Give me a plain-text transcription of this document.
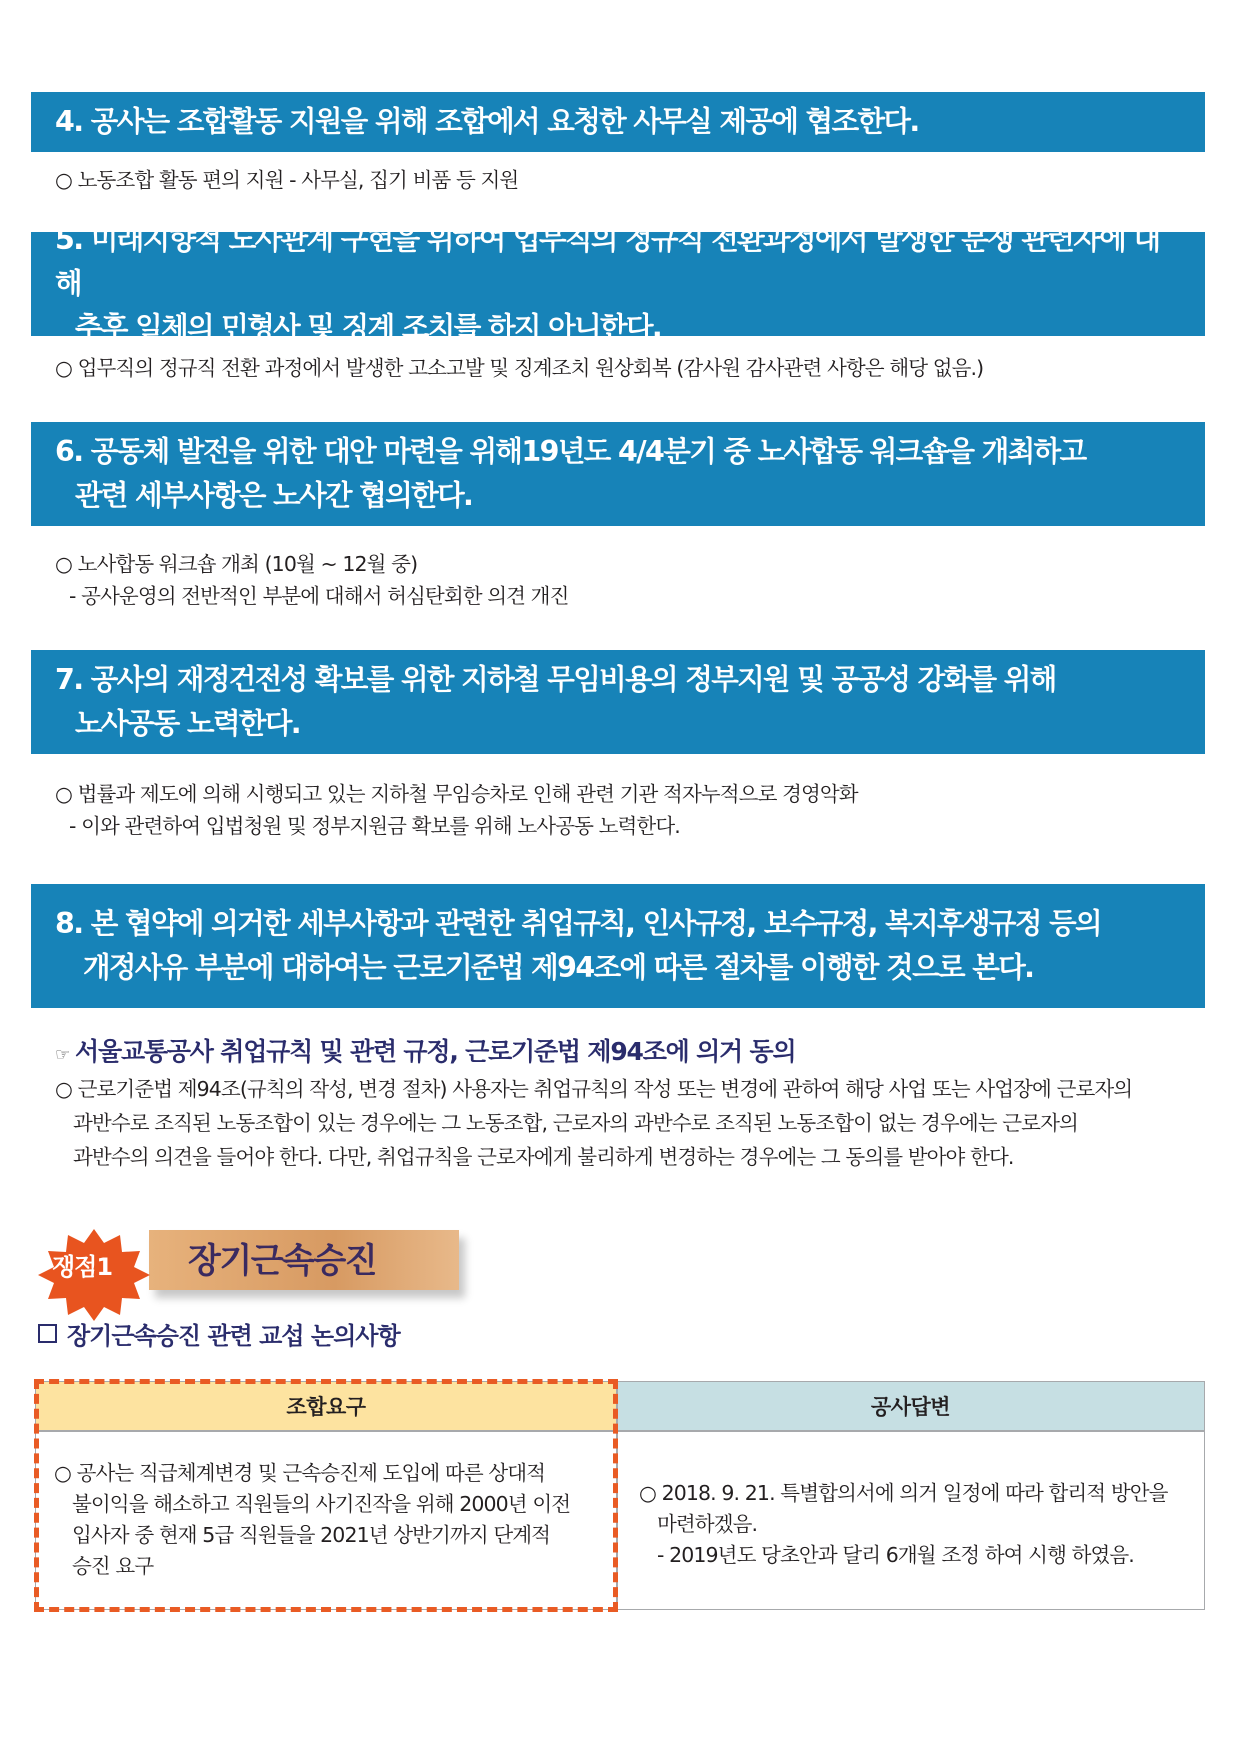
4. 공사는 조합활동 지원을 위해 조합에서 요청한 사무실 제공에 협조한다.
○ 노동조합 활동 편의 지원 - 사무실, 집기 비품 등 지원
5. 미래지향적 노사관계 구현을 위하여 업무직의 정규직 전환과정에서 발생한 분쟁 관련자에 대해
추후 일체의 민형사 및 징계 조치를 하지 아니한다.
○ 업무직의 정규직 전환 과정에서 발생한 고소고발 및 징계조치 원상회복 (감사원 감사관련 사항은 해당 없음.)
6. 공동체 발전을 위한 대안 마련을 위해19년도 4/4분기 중 노사합동 워크숍을 개최하고
관련 세부사항은 노사간 협의한다.
○ 노사합동 워크숍 개최 (10월 ~ 12월 중)
- 공사운영의 전반적인 부분에 대해서 허심탄회한 의견 개진
7. 공사의 재정건전성 확보를 위한 지하철 무임비용의 정부지원 및 공공성 강화를 위해
노사공동 노력한다.
○ 법률과 제도에 의해 시행되고 있는 지하철 무임승차로 인해 관련 기관 적자누적으로 경영악화
- 이와 관련하여 입법청원 및 정부지원금 확보를 위해 노사공동 노력한다.
8. 본 협약에 의거한 세부사항과 관련한 취업규칙, 인사규정, 보수규정, 복지후생규정 등의
개정사유 부분에 대하여는 근로기준법 제94조에 따른 절차를 이행한 것으로 본다.
☞ 서울교통공사 취업규칙 및 관련 규정, 근로기준법 제94조에 의거 동의
○ 근로기준법 제94조(규칙의 작성, 변경 절차) 사용자는 취업규칙의 작성 또는 변경에 관하여 해당 사업 또는 사업장에 근로자의
과반수로 조직된 노동조합이 있는 경우에는 그 노동조합, 근로자의 과반수로 조직된 노동조합이 없는 경우에는 근로자의
과반수의 의견을 들어야 한다. 다만, 취업규칙을 근로자에게 불리하게 변경하는 경우에는 그 동의를 받아야 한다.
쟁점1 장기근속승진
장기근속승진 관련 교섭 논의사항
조합요구	공사답변
○ 공사는 직급체계변경 및 근속승진제 도입에 따른 상대적
불이익을 해소하고 직원들의 사기진작을 위해 2000년 이전
입사자 중 현재 5급 직원들을 2021년 상반기까지 단계적
승진 요구
○ 2018. 9. 21. 특별합의서에 의거 일정에 따라 합리적 방안을
마련하겠음.
- 2019년도 당초안과 달리 6개월 조정 하여 시행 하였음.
